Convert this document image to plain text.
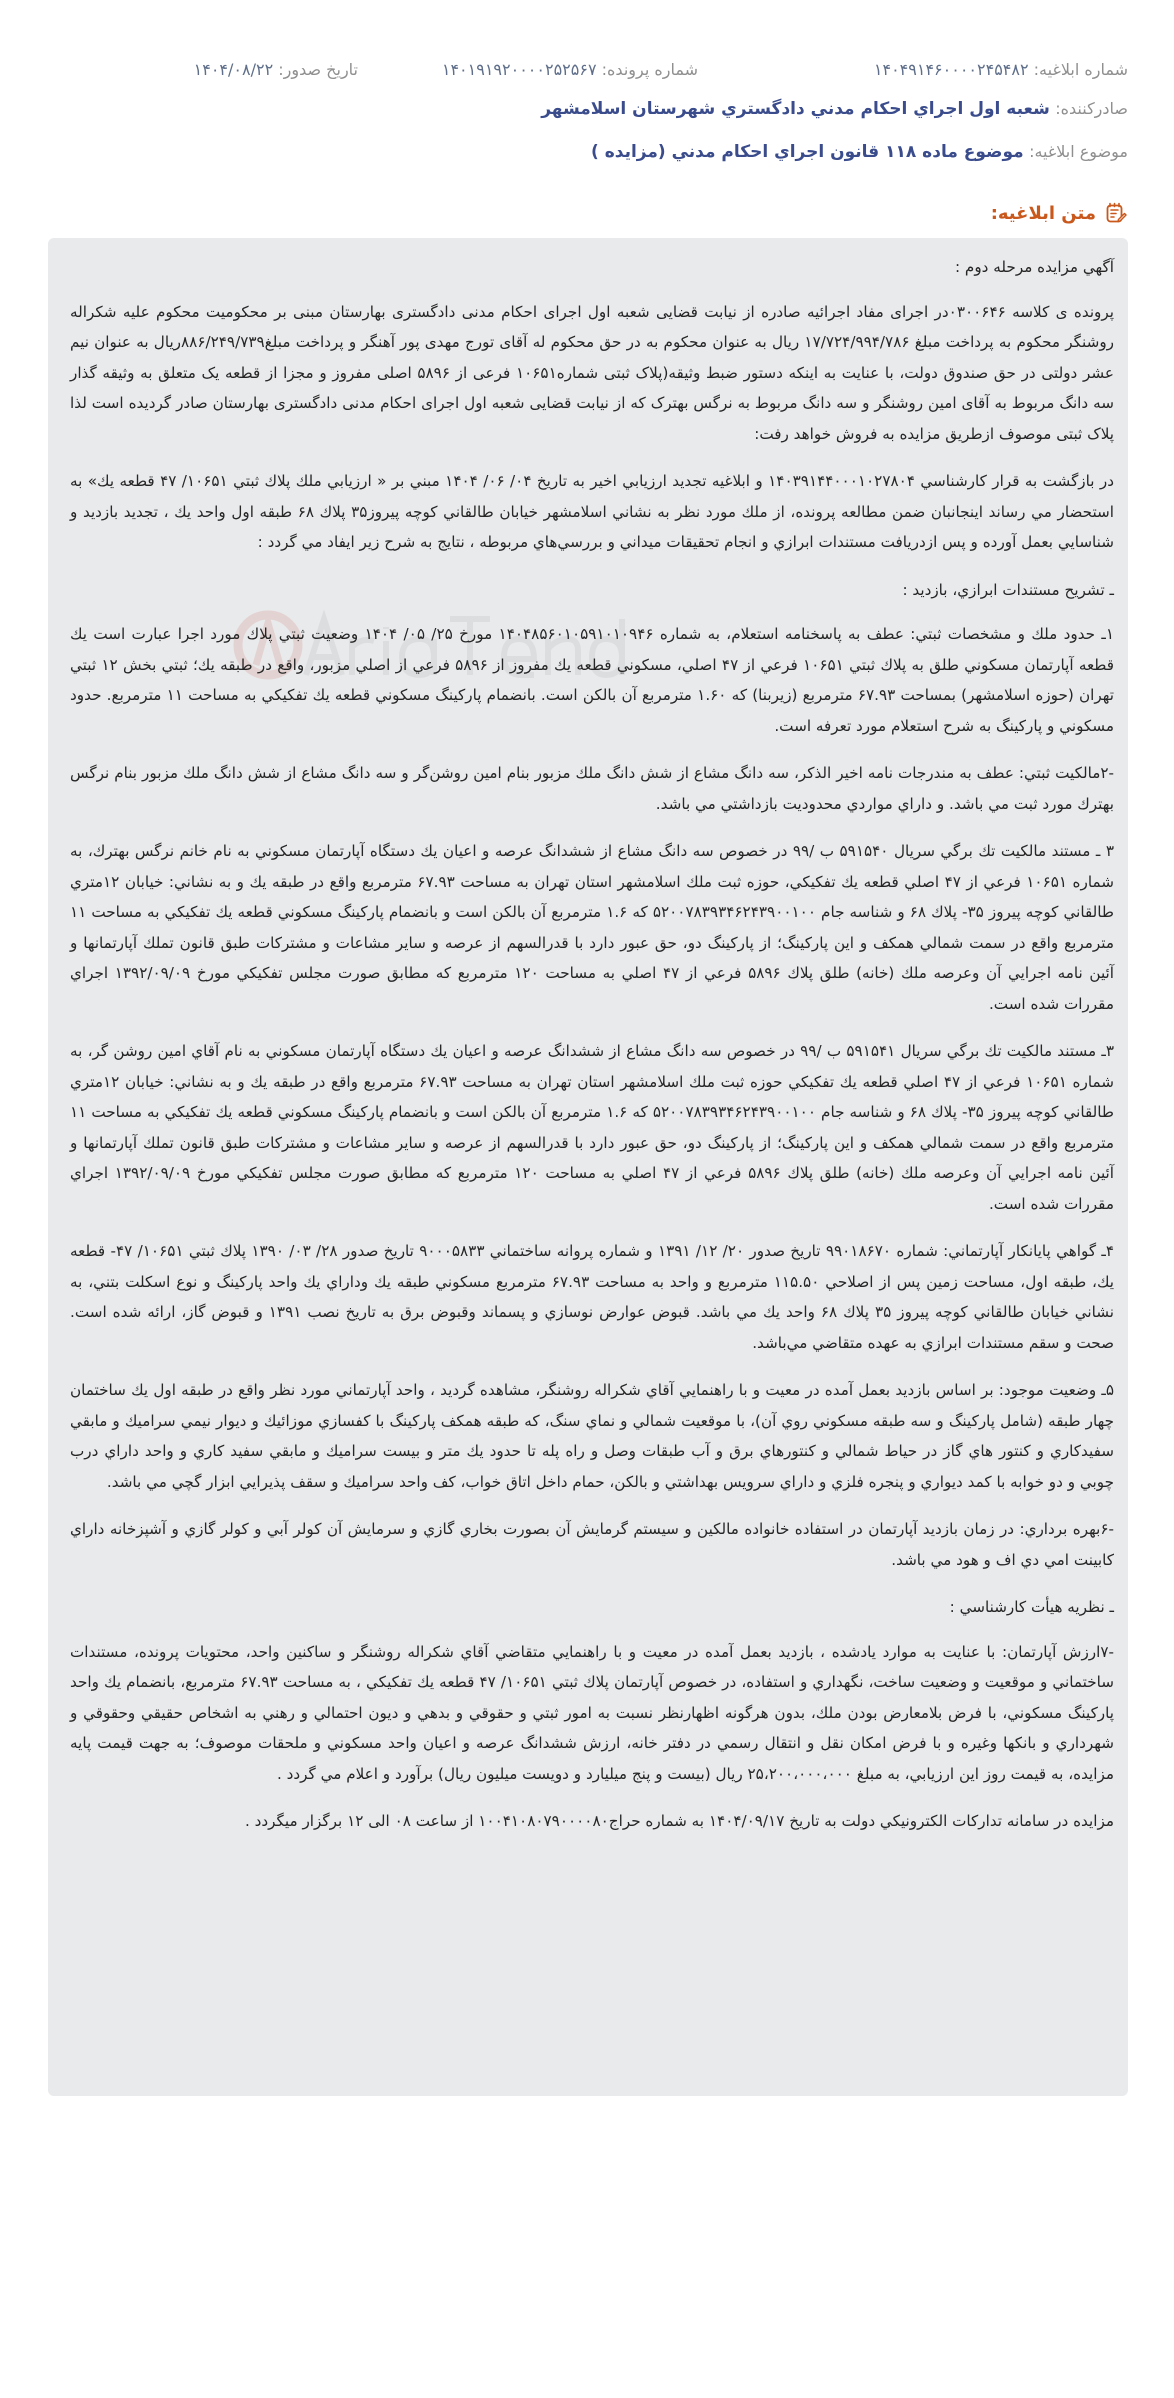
شماره ابلاغيه: ۱۴۰۴۹۱۴۶۰۰۰۰۲۴۵۴۸۲
شماره پرونده: ۱۴۰۱۹۱۹۲۰۰۰۰۲۵۲۵۶۷
تاريخ صدور: ۱۴۰۴/۰۸/۲۲
صادرکننده: شعبه اول اجراي احكام مدني دادگستري شهرستان اسلامشهر
موضوع ابلاغيه: موضوع ماده ۱۱۸ قانون اجراي احکام مدني (مزايده )
متن ابلاغيه:

آگهي مزايده مرحله دوم :

پرونده ی کلاسه ۰۳۰۰۶۴۶در اجرای مفاد اجرائیه صادره از نیابت قضایی شعبه اول اجرای احکام مدنی دادگستری بهارستان مبنی بر محکومیت محکوم علیه شکراله روشنگر محکوم به پرداخت مبلغ ۱۷/۷۲۴/۹۹۴/۷۸۶ ریال به عنوان محکوم به در حق محکوم له آقای تورج مهدی پور آهنگر و پرداخت مبلغ۸۸۶/۲۴۹/۷۳۹ریال به عنوان نیم عشر دولتی در حق صندوق دولت، با عنایت به اینکه دستور ضبط وثیقه(پلاک ثبتی شماره۱۰۶۵۱ فرعی از ۵۸۹۶ اصلی مفروز و مجزا از قطعه یک متعلق به وثیقه گذار سه دانگ مربوط به آقای امین روشنگر و سه دانگ مربوط به نرگس بهترک که از نیابت قضایی شعبه اول اجرای احکام مدنی دادگستری بهارستان صادر گردیده است لذا پلاک ثبتی موصوف ازطریق مزایده به فروش خواهد رفت:

در بازگشت به قرار كارشناسي ۱۴۰۳۹۱۴۴۰۰۰۱۰۲۷۸۰۴ و ابلاغيه تجديد ارزيابي اخير به تاريخ ۰۴/ ۰۶/ ۱۴۰۴ مبني بر « ارزيابي ملك پلاك ثبتي ۱۰۶۵۱/ ۴۷ قطعه يك» به استحضار مي رساند اينجانبان ضمن مطالعه پرونده، از ملك مورد نظر به نشاني اسلامشهر خيابان طالقاني كوچه پيروز۳۵ پلاك ۶۸ طبقه اول واحد يك ، تجديد بازديد و شناسايي بعمل آورده و پس ازدريافت مستندات ابرازي و انجام تحقيقات ميداني و بررسي‌هاي مربوطه ، نتايج به شرح زير ايفاد مي گردد :

ـ تشريح مستندات ابرازي، بازديد :

۱ـ حدود ملك و مشخصات ثبتي: عطف به پاسخنامه استعلام، به شماره ۱۴۰۴۸۵۶۰۱۰۵۹۱۰۱۰۹۴۶ مورخ ۲۵/ ۰۵/ ۱۴۰۴ وضعيت ثبتي پلاك مورد اجرا عبارت است يك قطعه آپارتمان مسكوني طلق به پلاك ثبتي ۱۰۶۵۱ فرعي از ۴۷ اصلي، مسكوني قطعه يك مفروز از ۵۸۹۶ فرعي از اصلي مزبور، واقع در طبقه يك؛ ثبتي بخش ۱۲ ثبتي تهران (حوزه اسلامشهر) بمساحت ۶۷.۹۳ مترمربع (زيربنا) كه ۱.۶۰ مترمربع آن بالكن است. بانضمام پاركينگ مسكوني قطعه يك تفكيكي به مساحت ۱۱ مترمربع. حدود مسكوني و پاركينگ به شرح استعلام مورد تعرفه است.

-۲مالكيت ثبتي: عطف به مندرجات نامه اخير الذكر، سه دانگ مشاع از شش دانگ ملك مزبور بنام امين روشن‌گر و سه دانگ مشاع از شش دانگ ملك مزبور بنام نرگس بهترك مورد ثبت مي باشد. و داراي مواردي محدوديت بازداشتي مي باشد.

۳ ـ مستند مالكيت تك برگي سريال ۵۹۱۵۴۰ ب /۹۹ در خصوص سه دانگ مشاع از ششدانگ عرصه و اعيان يك دستگاه آپارتمان مسكوني به نام خانم نرگس بهترك، به شماره ۱۰۶۵۱ فرعي از ۴۷ اصلي قطعه يك تفكيكي، حوزه ثبت ملك اسلامشهر استان تهران به مساحت ۶۷.۹۳ مترمربع واقع در طبقه يك و به نشاني: خيابان ۱۲متري طالقاني كوچه پيروز ۳۵- پلاك ۶۸ و شناسه جام ۵۲۰۰۷۸۳۹۳۴۶۲۴۳۹۰۰۱۰۰ كه ۱.۶ مترمربع آن بالكن است و بانضمام پاركينگ مسكوني قطعه يك تفكيكي به مساحت ۱۱ مترمربع واقع در سمت شمالي همكف و اين پاركينگ؛ از پاركينگ دو، حق عبور دارد با قدرالسهم از عرصه و ساير مشاعات و مشتركات طبق قانون تملك آپارتمانها و آئين نامه اجرايي آن وعرصه ملك (خانه) طلق پلاك ۵۸۹۶ فرعي از ۴۷ اصلي به مساحت ۱۲۰ مترمربع كه مطابق صورت مجلس تفكيكي مورخ ۱۳۹۲/۰۹/۰۹ اجراي مقررات شده است.

۳ـ مستند مالكيت تك برگي سريال ۵۹۱۵۴۱ ب /۹۹ در خصوص سه دانگ مشاع از ششدانگ عرصه و اعيان يك دستگاه آپارتمان مسكوني به نام آقاي امين روشن گر، به شماره ۱۰۶۵۱ فرعي از ۴۷ اصلي قطعه يك تفكيكي حوزه ثبت ملك اسلامشهر استان تهران به مساحت ۶۷.۹۳ مترمربع واقع در طبقه يك و به نشاني: خيابان ۱۲متري طالقاني كوچه پيروز ۳۵- پلاك ۶۸ و شناسه جام ۵۲۰۰۷۸۳۹۳۴۶۲۴۳۹۰۰۱۰۰ كه ۱.۶ مترمربع آن بالكن است و بانضمام پاركينگ مسكوني قطعه يك تفكيكي به مساحت ۱۱ مترمربع واقع در سمت شمالي همكف و اين پاركينگ؛ از پاركينگ دو، حق عبور دارد با قدرالسهم از عرصه و ساير مشاعات و مشتركات طبق قانون تملك آپارتمانها و آئين نامه اجرايي آن وعرصه ملك (خانه) طلق پلاك ۵۸۹۶ فرعي از ۴۷ اصلي به مساحت ۱۲۰ مترمربع كه مطابق صورت مجلس تفكيكي مورخ ۱۳۹۲/۰۹/۰۹ اجراي مقررات شده است.

۴ـ گواهي پايانكار آپارتماني: شماره ۹۹۰۱۸۶۷۰ تاريخ صدور ۲۰/ ۱۲/ ۱۳۹۱ و شماره پروانه ساختماني ۹۰۰۰۵۸۳۳ تاريخ صدور ۲۸/ ۰۳/ ۱۳۹۰ پلاك ثبتي ۱۰۶۵۱/ ۴۷- قطعه يك، طبقه اول، مساحت زمين پس از اصلاحي ۱۱۵.۵۰ مترمربع و واحد به مساحت ۶۷.۹۳ مترمربع مسكوني طبقه يك وداراي يك واحد پاركينگ و نوع اسكلت بتني، به نشاني خيابان طالقاني كوچه پيروز ۳۵ پلاك ۶۸ واحد يك مي باشد. قبوض عوارض نوسازي و پسماند وقبوض برق به تاريخ نصب ۱۳۹۱ و قبوض گاز، ارائه شده است. صحت و سقم مستندات ابرازي به عهده متقاضي مي‌باشد.

۵ـ وضعيت موجود: بر اساس بازديد بعمل آمده در معيت و با راهنمايي آقاي شكراله روشنگر، مشاهده گرديد ، واحد آپارتماني مورد نظر واقع در طبقه اول يك ساختمان چهار طبقه (شامل پاركينگ و سه طبقه مسكوني روي آن)، با موقعيت شمالي و نماي سنگ، كه طبقه همكف پاركينگ با كفسازي موزائيك و ديوار نيمي سراميك و مابقي سفيدكاري و كنتور هاي گاز در حياط شمالي و كنتورهاي برق و آب طبقات وصل و راه پله تا حدود يك متر و بيست سراميك و مابقي سفيد كاري و واحد داراي درب چوبي و دو خوابه با كمد ديواري و پنجره فلزي و داراي سرويس بهداشتي و بالكن، حمام داخل اتاق خواب، كف واحد سراميك و سقف پذيرايي ابزار گچي مي باشد.

-۶بهره برداري: در زمان بازديد آپارتمان در استفاده خانواده مالكين و سيستم گرمايش آن بصورت بخاري گازي و سرمايش آن كولر آبي و كولر گازي و آشپزخانه داراي كابينت امي دي اف و هود مي باشد.

ـ نظريه هيأت كارشناسي :

-۷ارزش آپارتمان: با عنايت به موارد يادشده ، بازديد بعمل آمده در معيت و با راهنمايي متقاضي آقاي شكراله روشنگر و ساكنين واحد، محتويات پرونده، مستندات ساختماني و موقعيت و وضعيت ساخت، نگهداري و استفاده، در خصوص آپارتمان پلاك ثبتي ۱۰۶۵۱/ ۴۷ قطعه يك تفكيكي ، به مساحت ۶۷.۹۳ مترمربع، بانضمام يك واحد پاركينگ مسكوني، با فرض بلامعارض بودن ملك، بدون هرگونه اظهارنظر نسبت به امور ثبتي و حقوقي و بدهي و ديون احتمالي و رهني به اشخاص حقيقي وحقوقي و شهرداري و بانكها وغيره و با فرض امكان نقل و انتقال رسمي در دفتر خانه، ارزش ششدانگ عرصه و اعيان واحد مسكوني و ملحقات موصوف؛ به جهت قيمت پايه مزايده، به قيمت روز اين ارزيابي، به مبلغ ۲۵،۲۰۰،۰۰۰،۰۰۰ ريال (بيست و پنج ميليارد و دويست ميليون ريال) برآورد و اعلام مي گردد .

مزايده در سامانه تداركات الكترونيكي دولت به تاريخ ۱۴۰۴/۰۹/۱۷ به شماره حراج۱۰۰۴۱۰۸۰۷۹۰۰۰۰۸۰ از ساعت ۰۸ الی ۱۲ برگزار میگردد .
